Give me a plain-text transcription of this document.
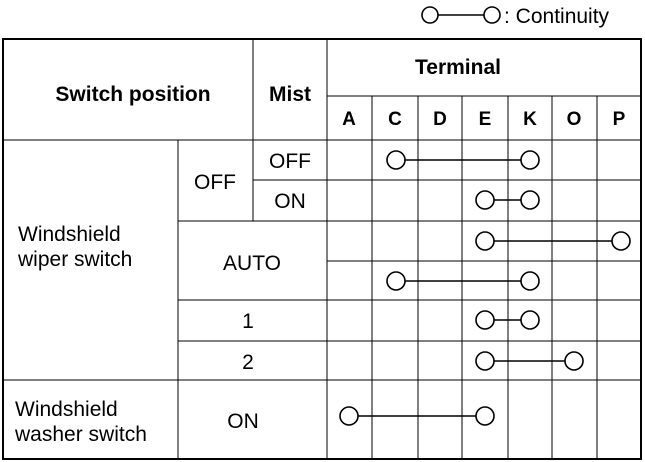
: Continuity
Switch position	Mist
Terminal
A C D E K O P
Windshield
wiper switch
Windshield
washer switch
OFF
AUTO
1
2
ON
OFF
ON
